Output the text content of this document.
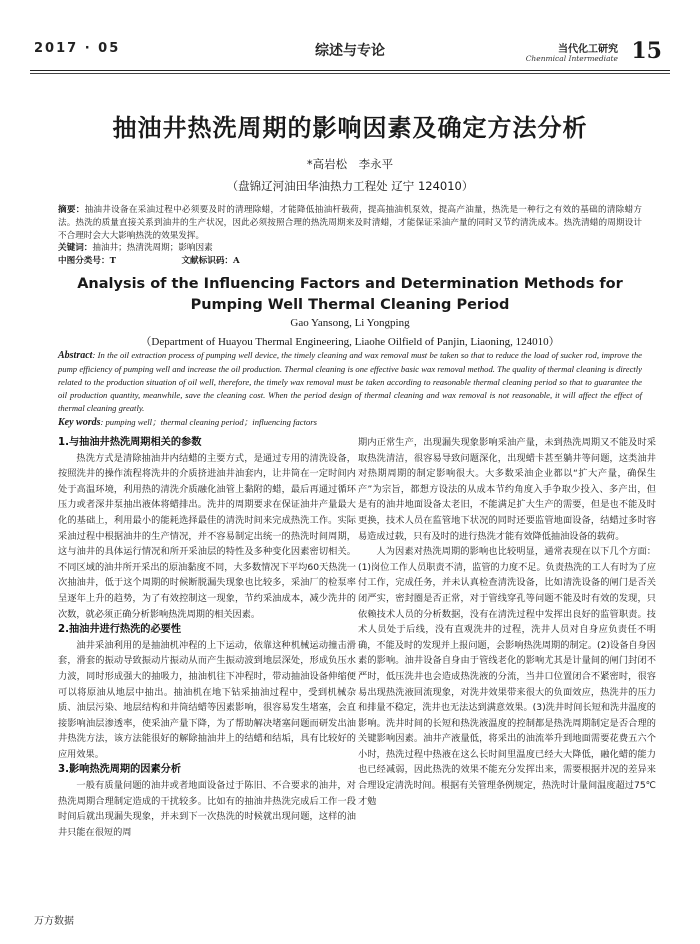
2017 · 05	综述与专论	当代化工研究
Chenmical Intermediate 15
抽油井热洗周期的影响因素及确定方法分析
*高岩松　李永平
（盘锦辽河油田华油热力工程处 辽宁 124010）
摘要：抽油井设备在采油过程中必须要及时的清理除蜡，才能降低抽油杆载荷，提高抽油机泵效，提高产油量，热洗是一种行之有效的基础的清除蜡方法。热洗的质量直接关系到油井的生产状况，因此必须按照合理的热洗周期来及时清蜡，才能保证采油产量的同时又节约清洗成本。热洗清蜡的周期设计不合理时会大大影响热洗的效果发挥。
关键词：抽油井；热清洗周期；影响因素
中图分类号：T	文献标识码：A
Analysis of the Influencing Factors and Determination Methods for Pumping Well Thermal Cleaning Period
Gao Yansong, Li Yongping
（Department of Huayou Thermal Engineering, Liaohe Oilfield of Panjin, Liaoning, 124010）
Abstract: In the oil extraction process of pumping well device, the timely cleaning and wax removal must be taken so that to reduce the load of sucker rod, improve the pump efficiency of pumping well and increase the oil production. Thermal cleaning is one effective basic wax removal method. The quality of thermal cleaning is directly related to the production situation of oil well, therefore, the timely wax removal must be taken according to reasonable thermal cleaning period so that to guarantee the oil production quantity, meanwhile, save the cleaning cost. When the period design of thermal cleaning and wax removal is not reasonable, it will affect the effect of thermal cleaning greatly.
Key words: pumping well；thermal cleaning period；influencing factors
1.与抽油井热洗周期相关的参数

热洗方式是清除抽油井内结蜡的主要方式，是通过专用的清洗设备，按照洗井的操作流程将洗井的介质挤进油井油套内，让井筒在一定时间内处于高温环境，利用热的清洗介质融化油管上黏附的蜡，最后再通过循环压力或者深井泵抽出液体将蜡排出。洗井的周期要求在保证油井产量最大化的基础上，利用最小的能耗选择最佳的清洗时间来完成热洗工作。实际采油过程中根据油井的生产情况，并不容易制定出统一的热洗时间周期，这与油井的具体运行情况和所开采油层的特性及多种变化因素密切相关。不同区域的油井所开采出的原油黏度不同，大多数情况下平均60天热洗一次抽油井，低于这个周期的时候断脱漏失现象也比较多，采油厂的检泵率呈逐年上升的趋势，为了有效控制这一现象，节约采油成本，减少洗井的次数，就必须正确分析影响热洗周期的相关因素。

2.抽油井进行热洗的必要性

油井采油利用的是抽油机冲程的上下运动，依靠这种机械运动撞击滑套，滑套的振动导致振动片振动从而产生振动波到地层深处，形成负压水力波，同时形成强大的抽吸力，抽油机往下冲程时，带动抽油设备伸缩便可以将原油从地层中抽出。抽油机在地下钻采抽油过程中，受到机械杂质、油层污染、地层结构和井筒结蜡等因素影响，很容易发生堵塞，会直接影响油层渗透率，使采油产量下降，为了帮助解决堵塞问题而研发出油井热洗方法，该方法能很好的解除抽油井上的结蜡和结垢，具有比较好的应用效果。

3.影响热洗周期的因素分析

一般有质量问题的油井或者地面设备过于陈旧、不合要求的油井，对热洗周期合理制定造成的干扰较多。比如有的抽油井热洗完成后工作一段时间后就出现漏失现象，并未到下一次热洗的时候就出现问题，这样的油井只能在很短的周

期内正常生产，出现漏失现象影响采油产量，未到热洗周期又不能及时采取热洗清洁，很容易导致问题深化，出现蜡卡甚至躺井等问题，这类油井对热期周期的制定影响很大。大多数采油企业都以“扩大产量，确保生产”为宗旨，都想方设法的从成本节约角度入手争取少投入、多产出，但是有的油井地面设备太老旧，不能满足扩大生产的需要，但是也不能及时更换，技术人员在监管地下状况的同时还要监管地面设备，结蜡过多时容易造成过载，只有及时的进行热洗才能有效降低抽油设备的载荷。

人为因素对热洗周期的影响也比较明显，通常表现在以下几个方面：(1)岗位工作人员职责不清，监管的力度不足。负责热洗的工人有时为了应付工作，完成任务，并未认真检查清洗设备，比如清洗设备的闸门是否关闭严实，密封圈是否正常，对于管线穿孔等问题不能及时有效的发现，只依赖技术人员的分析数据，没有在清洗过程中发挥出良好的监管职责。技术人员处于后线，没有直观洗井的过程，洗井人员对自身应负责任不明确，不能及时的发现并上报问题，会影响热洗周期的制定。(2)设备自身因素的影响。油井设备自身由于管线老化的影响尤其是计量间的闸门封闭不严时，低压洗井也会造成热洗液的分流，当井口位置闭合不紧密时，很容易出现热洗液回流现象，对洗井效果带来很大的负面效应，热洗井的压力和排量不稳定，洗井也无法达到满意效果。(3)洗井时间长短和洗井温度的影响。洗井时间的长短和热洗液温度的控制都是热洗周期制定是否合理的关键影响因素。油井产液量低，将采出的油流举升到地面需要花费五六个小时，热洗过程中热液在这么长时间里温度已经大大降低，融化蜡的能力也已经减弱，因此热洗的效果不能充分发挥出来，需要根据并况的差异来合理设定清洗时间。根据有关管理条例规定，热洗时计量间温度超过75℃才勉

万方数据
